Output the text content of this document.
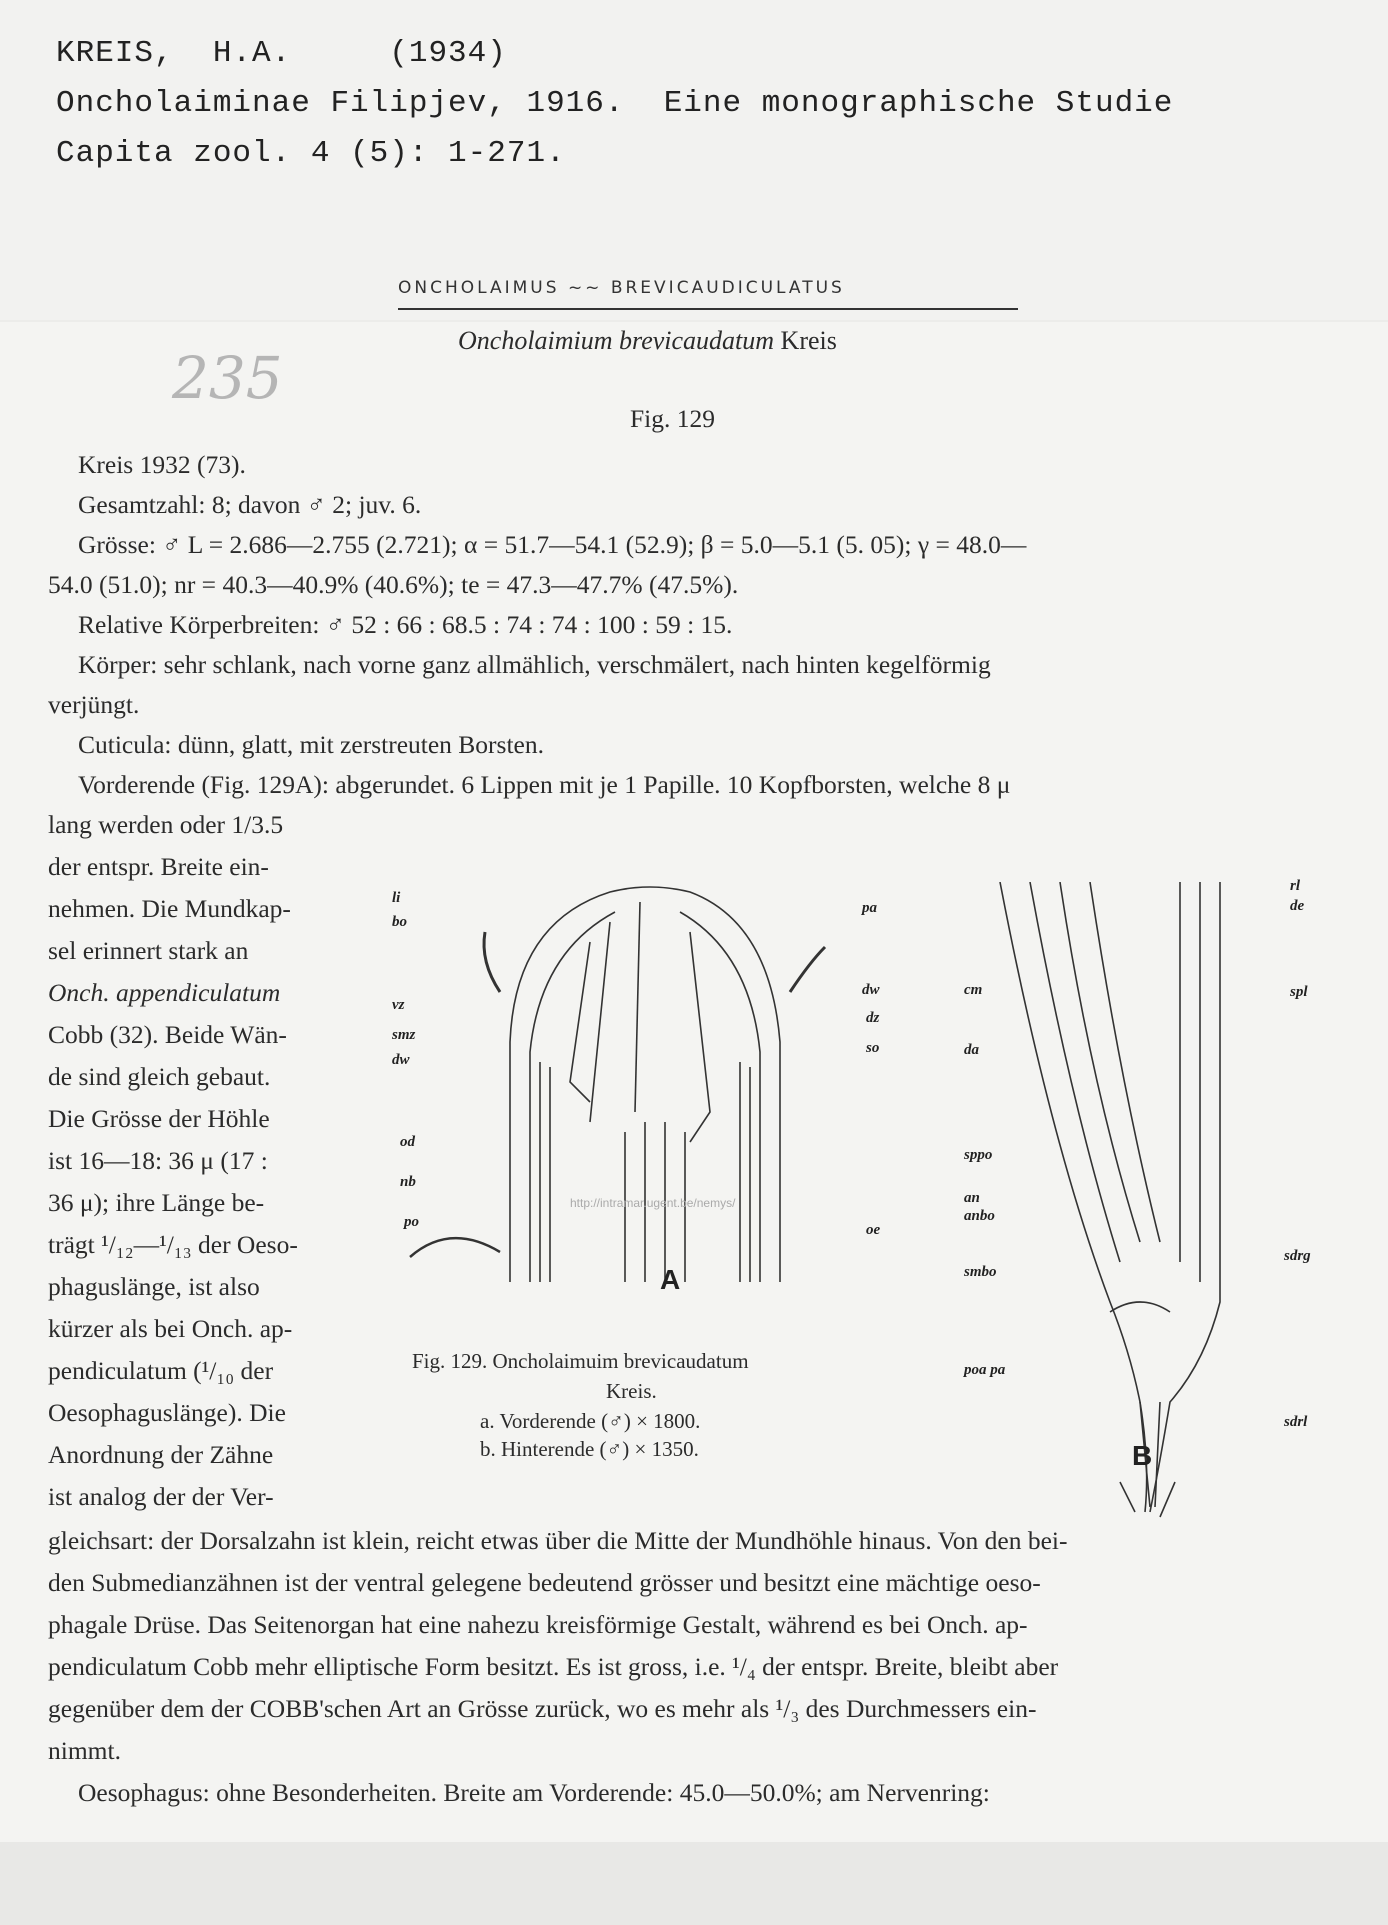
KREIS,  H.A.     (1934)
Oncholaiminae Filipjev, 1916.  Eine monographische Studie
Capita zool. 4 (5): 1-271.
ONCHOLAIMUS ~~ BREVICAUDICULATUS
235
Oncholaimium brevicaudatum Kreis
Fig. 129
Kreis 1932 (73).
Gesamtzahl: 8; davon ♂ 2; juv. 6.
Grösse: ♂ L = 2.686—2.755 (2.721); α = 51.7—54.1 (52.9); β = 5.0—5.1 (5. 05); γ = 48.0—
54.0 (51.0); nr = 40.3—40.9% (40.6%); te = 47.3—47.7% (47.5%).
Relative Körperbreiten: ♂ 52 : 66 : 68.5 : 74 : 74 : 100 : 59 : 15.
Körper: sehr schlank, nach vorne ganz allmählich, verschmälert, nach hinten kegelförmig
verjüngt.
Cuticula: dünn, glatt, mit zerstreuten Borsten.
Vorderende (Fig. 129A): abgerundet. 6 Lippen mit je 1 Papille. 10 Kopfborsten, welche 8 μ
lang werden oder 1/3.5
der entspr. Breite ein-
nehmen. Die Mundkap-
sel erinnert stark an
Onch. appendiculatum
Cobb (32). Beide Wän-
de sind gleich gebaut.
Die Grösse der Höhle
ist 16—18: 36 μ (17 :
36 μ); ihre Länge be-
trägt ¹/₁₂—¹/₁₃ der Oeso-
phaguslänge, ist also
kürzer als bei Onch. ap-
pendiculatum (¹/₁₀ der
Oesophaguslänge). Die
Anordnung der Zähne
ist analog der der Ver-
http://intramar.ugent.be/nemys/
li
bo
vz
smz
dw
od
nb
po
pa
dw
dz
so
oe
A
cm
da
sppo
an
anbo
smbo
poa pa
rl
de
spl
sdrg
sdrl
B
Fig. 129. Oncholaimuim brevicaudatum
Kreis.
a. Vorderende (♂) × 1800.
b. Hinterende (♂) × 1350.
gleichsart: der Dorsalzahn ist klein, reicht etwas über die Mitte der Mundhöhle hinaus. Von den bei-
den Submedianzähnen ist der ventral gelegene bedeutend grösser und besitzt eine mächtige oeso-
phagale Drüse. Das Seitenorgan hat eine nahezu kreisförmige Gestalt, während es bei Onch. ap-
pendiculatum Cobb mehr elliptische Form besitzt. Es ist gross, i.e. ¹/₄ der entspr. Breite, bleibt aber
gegenüber dem der COBB'schen Art an Grösse zurück, wo es mehr als ¹/₃ des Durchmessers ein-
nimmt.
Oesophagus: ohne Besonderheiten. Breite am Vorderende: 45.0—50.0%; am Nervenring:
